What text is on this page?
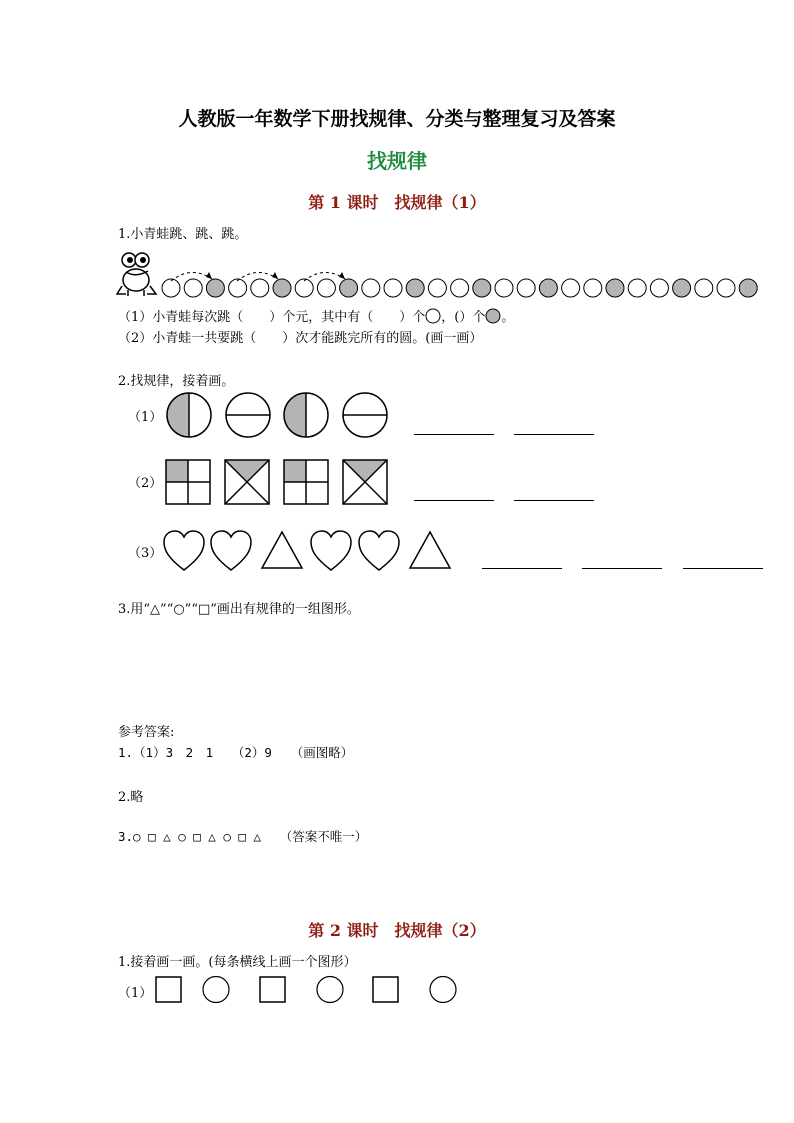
人教版一年数学下册找规律、分类与整理复习及答案
找规律
第 1 课时　找规律（1）
1.小青蛙跳、跳、跳。
（1）小青蛙每次跳（　　）个元，其中有（　　）个 ，(）个 。
（2）小青蛙一共要跳（　　）次才能跳完所有的圆。(画一画）
2.找规律，接着画。
（1）
（2）
（3）
3.用“△”“○”“□”画出有规律的一组图形。
参考答案:
1.（1）3　2　1　　（2）9　　（画图略）
2.略
3.○ □ △ ○ □ △ ○ □ △　　（答案不唯一）
第 2 课时　找规律（2）
1.接着画一画。(每条横线上画一个图形）
（1）
